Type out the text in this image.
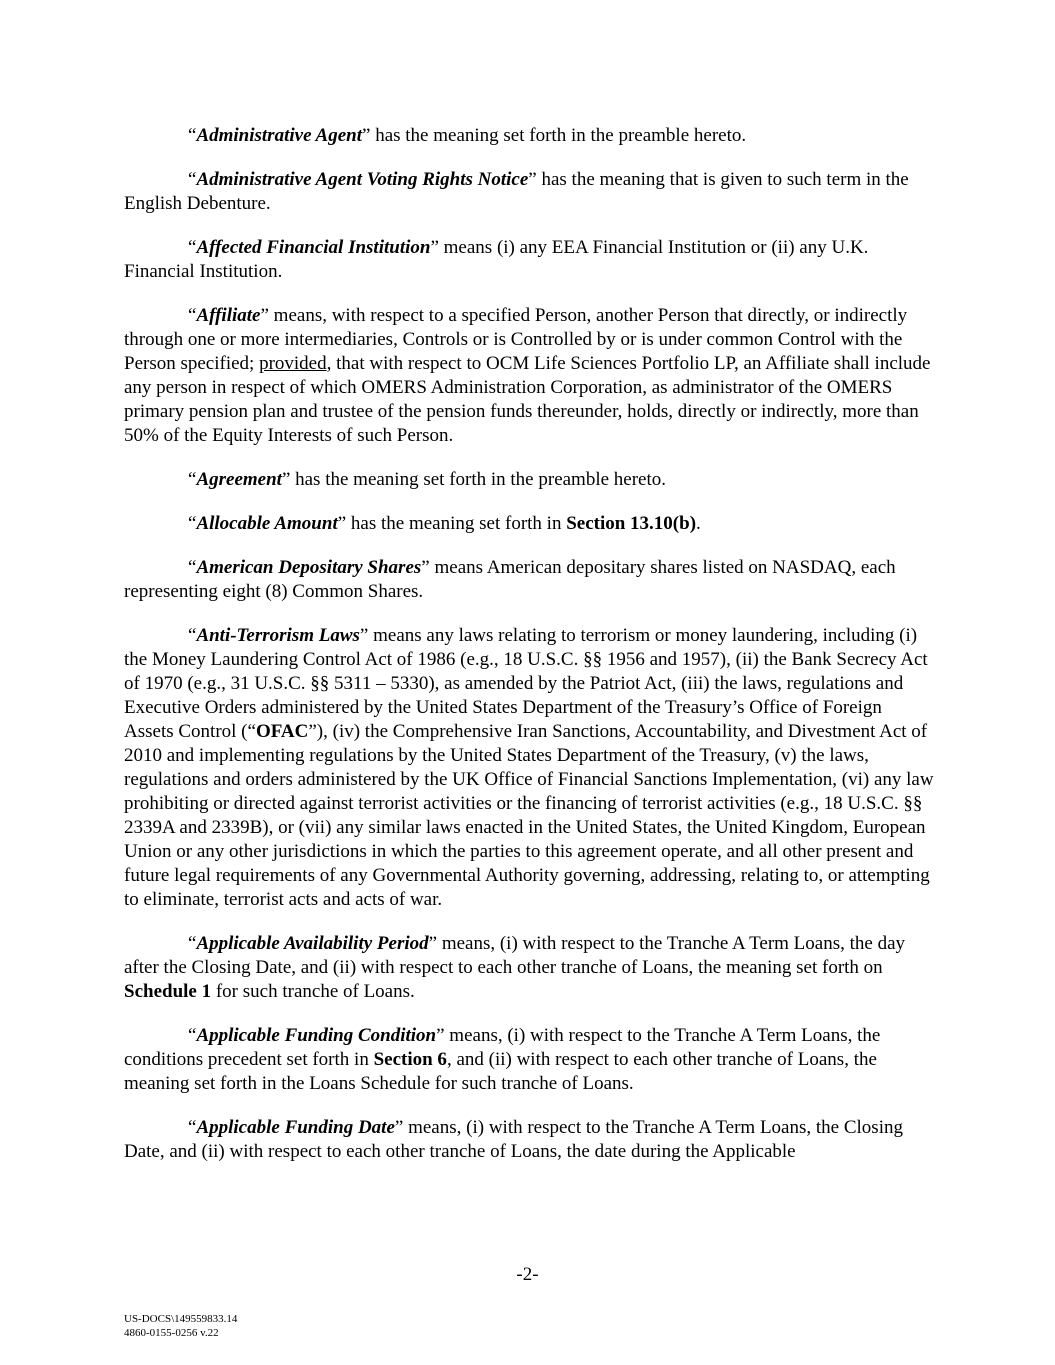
“Administrative Agent” has the meaning set forth in the preamble hereto.

“Administrative Agent Voting Rights Notice” has the meaning that is given to such term in the English Debenture.

“Affected Financial Institution” means (i) any EEA Financial Institution or (ii) any U.K. Financial Institution.

“Affiliate” means, with respect to a specified Person, another Person that directly, or indirectly through one or more intermediaries, Controls or is Controlled by or is under common Control with the Person specified; provided, that with respect to OCM Life Sciences Portfolio LP, an Affiliate shall include any person in respect of which OMERS Administration Corporation, as administrator of the OMERS primary pension plan and trustee of the pension funds thereunder, holds, directly or indirectly, more than 50% of the Equity Interests of such Person.

“Agreement” has the meaning set forth in the preamble hereto.

“Allocable Amount” has the meaning set forth in Section 13.10(b).

“American Depositary Shares” means American depositary shares listed on NASDAQ, each representing eight (8) Common Shares.

“Anti-Terrorism Laws” means any laws relating to terrorism or money laundering, including (i) the Money Laundering Control Act of 1986 (e.g., 18 U.S.C. §§ 1956 and 1957), (ii) the Bank Secrecy Act of 1970 (e.g., 31 U.S.C. §§ 5311 – 5330), as amended by the Patriot Act, (iii) the laws, regulations and Executive Orders administered by the United States Department of the Treasury’s Office of Foreign Assets Control (“OFAC”), (iv) the Comprehensive Iran Sanctions, Accountability, and Divestment Act of 2010 and implementing regulations by the United States Department of the Treasury, (v) the laws, regulations and orders administered by the UK Office of Financial Sanctions Implementation, (vi) any law prohibiting or directed against terrorist activities or the financing of terrorist activities (e.g., 18 U.S.C. §§ 2339A and 2339B), or (vii) any similar laws enacted in the United States, the United Kingdom, European Union or any other jurisdictions in which the parties to this agreement operate, and all other present and future legal requirements of any Governmental Authority governing, addressing, relating to, or attempting to eliminate, terrorist acts and acts of war.

“Applicable Availability Period” means, (i) with respect to the Tranche A Term Loans, the day after the Closing Date, and (ii) with respect to each other tranche of Loans, the meaning set forth on Schedule 1 for such tranche of Loans.

“Applicable Funding Condition” means, (i) with respect to the Tranche A Term Loans, the conditions precedent set forth in Section 6, and (ii) with respect to each other tranche of Loans, the meaning set forth in the Loans Schedule for such tranche of Loans.

“Applicable Funding Date” means, (i) with respect to the Tranche A Term Loans, the Closing Date, and (ii) with respect to each other tranche of Loans, the date during the Applicable

-2-
US-DOCS\149559833.14
4860-0155-0256 v.22
